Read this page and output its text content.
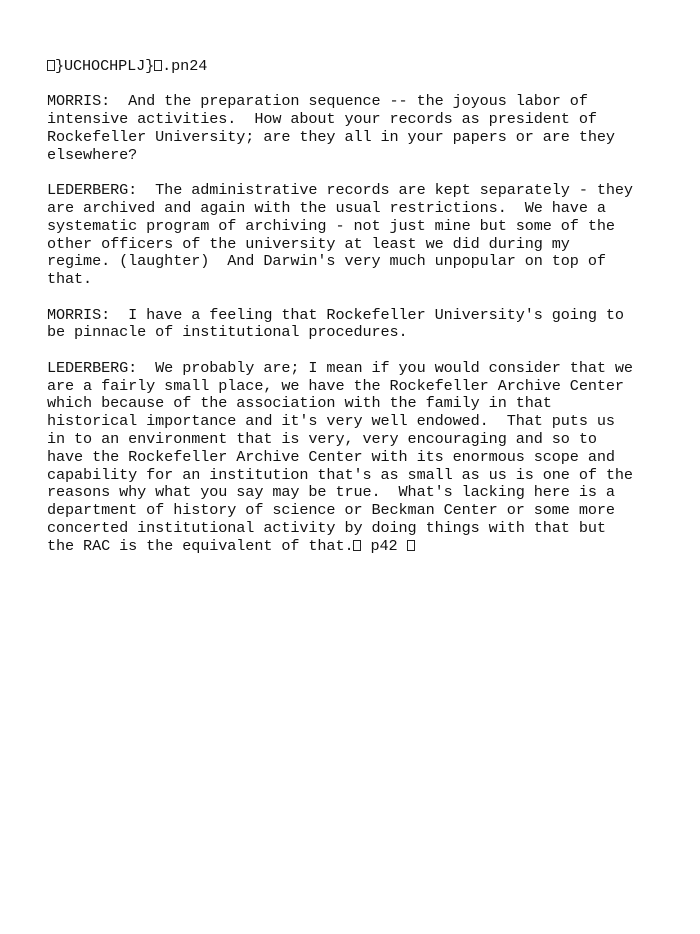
}UCHOCHPLJ} .pn24
MORRIS:  And the preparation sequence -- the joyous labor of
intensive activities.  How about your records as president of
Rockefeller University; are they all in your papers or are they
elsewhere?
LEDERBERG:  The administrative records are kept separately - they
are archived and again with the usual restrictions.  We have a
systematic program of archiving - not just mine but some of the
other officers of the university at least we did during my
regime. (laughter)  And Darwin's very much unpopular on top of
that.
MORRIS:  I have a feeling that Rockefeller University's going to
be pinnacle of institutional procedures.
LEDERBERG:  We probably are; I mean if you would consider that we
are a fairly small place, we have the Rockefeller Archive Center
which because of the association with the family in that
historical importance and it's very well endowed.  That puts us
in to an environment that is very, very encouraging and so to
have the Rockefeller Archive Center with its enormous scope and
capability for an institution that's as small as us is one of the
reasons why what you say may be true.  What's lacking here is a
department of history of science or Beckman Center or some more
concerted institutional activity by doing things with that but
the RAC is the equivalent of that. p42
